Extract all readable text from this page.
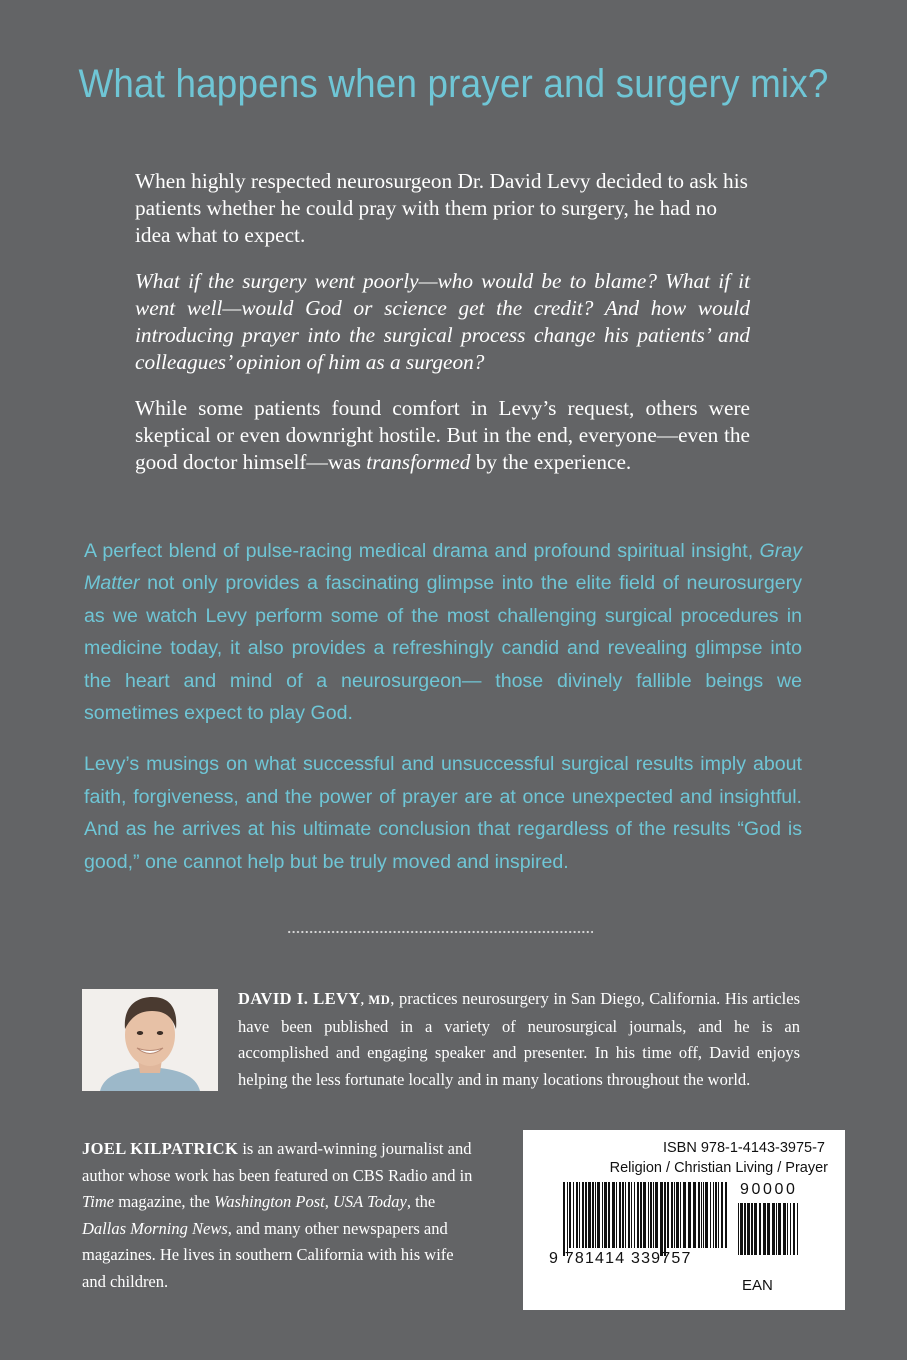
What happens when prayer and surgery mix?

When highly respected neurosurgeon Dr. David Levy decided to ask his patients whether he could pray with them prior to surgery, he had no idea what to expect.

What if the surgery went poorly—who would be to blame? What if it went well—would God or science get the credit? And how would introducing prayer into the surgical process change his patients’ and colleagues’ opinion of him as a surgeon?

While some patients found comfort in Levy’s request, others were skeptical or even downright hostile. But in the end, everyone—even the good doctor himself—was transformed by the experience.

A perfect blend of pulse-racing medical drama and profound spiritual insight, Gray Matter not only provides a fascinating glimpse into the elite field of neurosurgery as we watch Levy perform some of the most challenging surgical procedures in medicine today, it also provides a refreshingly candid and revealing glimpse into the heart and mind of a neurosurgeon— those divinely fallible beings we sometimes expect to play God.

Levy’s musings on what successful and unsuccessful surgical results imply about faith, forgiveness, and the power of prayer are at once unexpected and insightful. And as he arrives at his ultimate conclusion that regardless of the results “God is good,” one cannot help but be truly moved and inspired.

DAVID I. LEVY, MD, practices neurosurgery in San Diego, California. His articles have been published in a variety of neurosurgical journals, and he is an accomplished and engaging speaker and presenter. In his time off, David enjoys helping the less fortunate locally and in many locations throughout the world.
JOEL KILPATRICK is an award-winning journalist and author whose work has been featured on CBS Radio and in Time magazine, the Washington Post, USA Today, the Dallas Morning News, and many other newspapers and magazines. He lives in southern California with his wife and children.
ISBN 978-1-4143-3975-7
Religion / Christian Living / Prayer
90000
9 781414 339757
EAN
